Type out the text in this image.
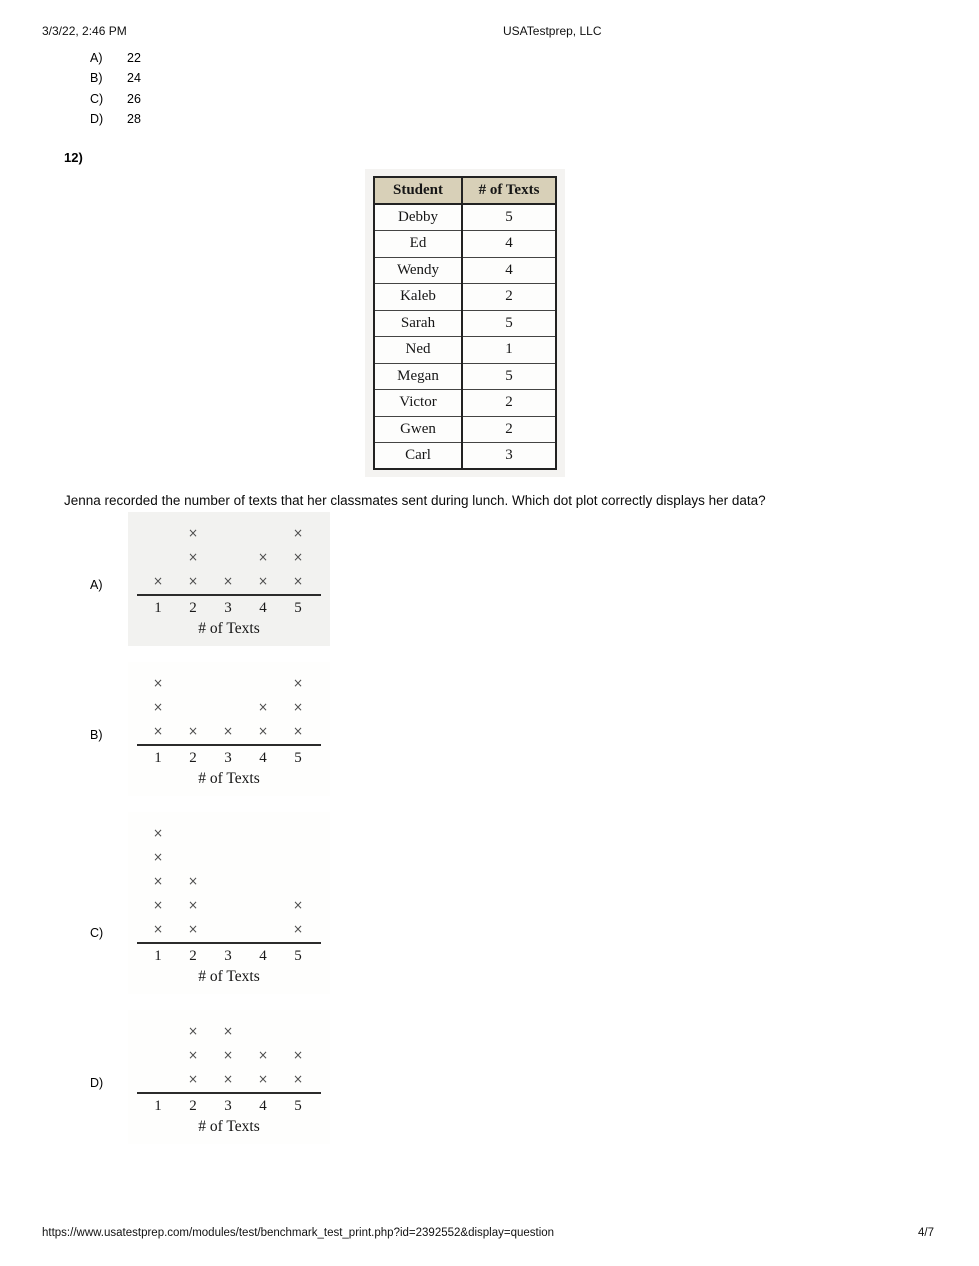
3/3/22, 2:46 PM	USATestprep, LLC
A) 22
B) 24
C) 26
D) 28
12)
Student	# of Texts
Debby	5
Ed	4
Wendy	4
Kaleb	2
Sarah	5
Ned	1
Megan	5
Victor	2
Gwen	2
Carl	3
Jenna recorded the number of texts that her classmates sent during lunch. Which dot plot correctly displays her data?
A)	×
1
×
×
×
2
×
3
×
×
4
×
×
×
5
# of Texts
B)	×
×
×
1
×
2
×
3
×
×
4
×
×
×
5
# of Texts
C)	×
×
×
×
×
1
×
×
×
2 3 4
×
×
5
# of Texts
D)
1
×
×
×
2
×
×
×
3
×
×
4
×
×
5
# of Texts
https://www.usatestprep.com/modules/test/benchmark_test_print.php?id=2392552&display=question	4/7
